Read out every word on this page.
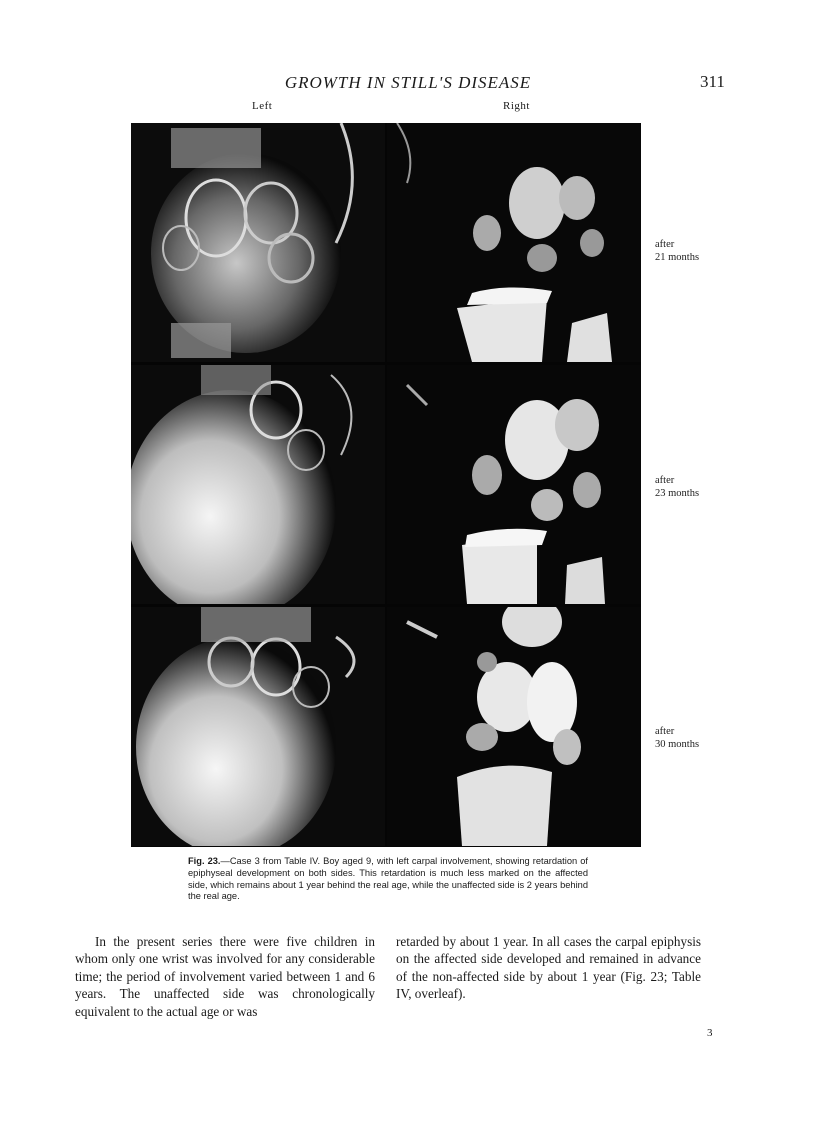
GROWTH IN STILL'S DISEASE	311
Left	Right
after
21 months
after
23 months
after
30 months
Fig. 23.—Case 3 from Table IV. Boy aged 9, with left carpal involvement, showing retardation of epiphyseal development on both sides. This retardation is much less marked on the affected side, which remains about 1 year behind the real age, while the unaffected side is 2 years behind the real age.
In the present series there were five children in whom only one wrist was involved for any considerable time; the period of involvement varied between 1 and 6 years. The unaffected side was chronologically equivalent to the actual age or was
retarded by about 1 year. In all cases the carpal epiphysis on the affected side developed and remained in advance of the non-affected side by about 1 year (Fig. 23; Table IV, overleaf).
3
